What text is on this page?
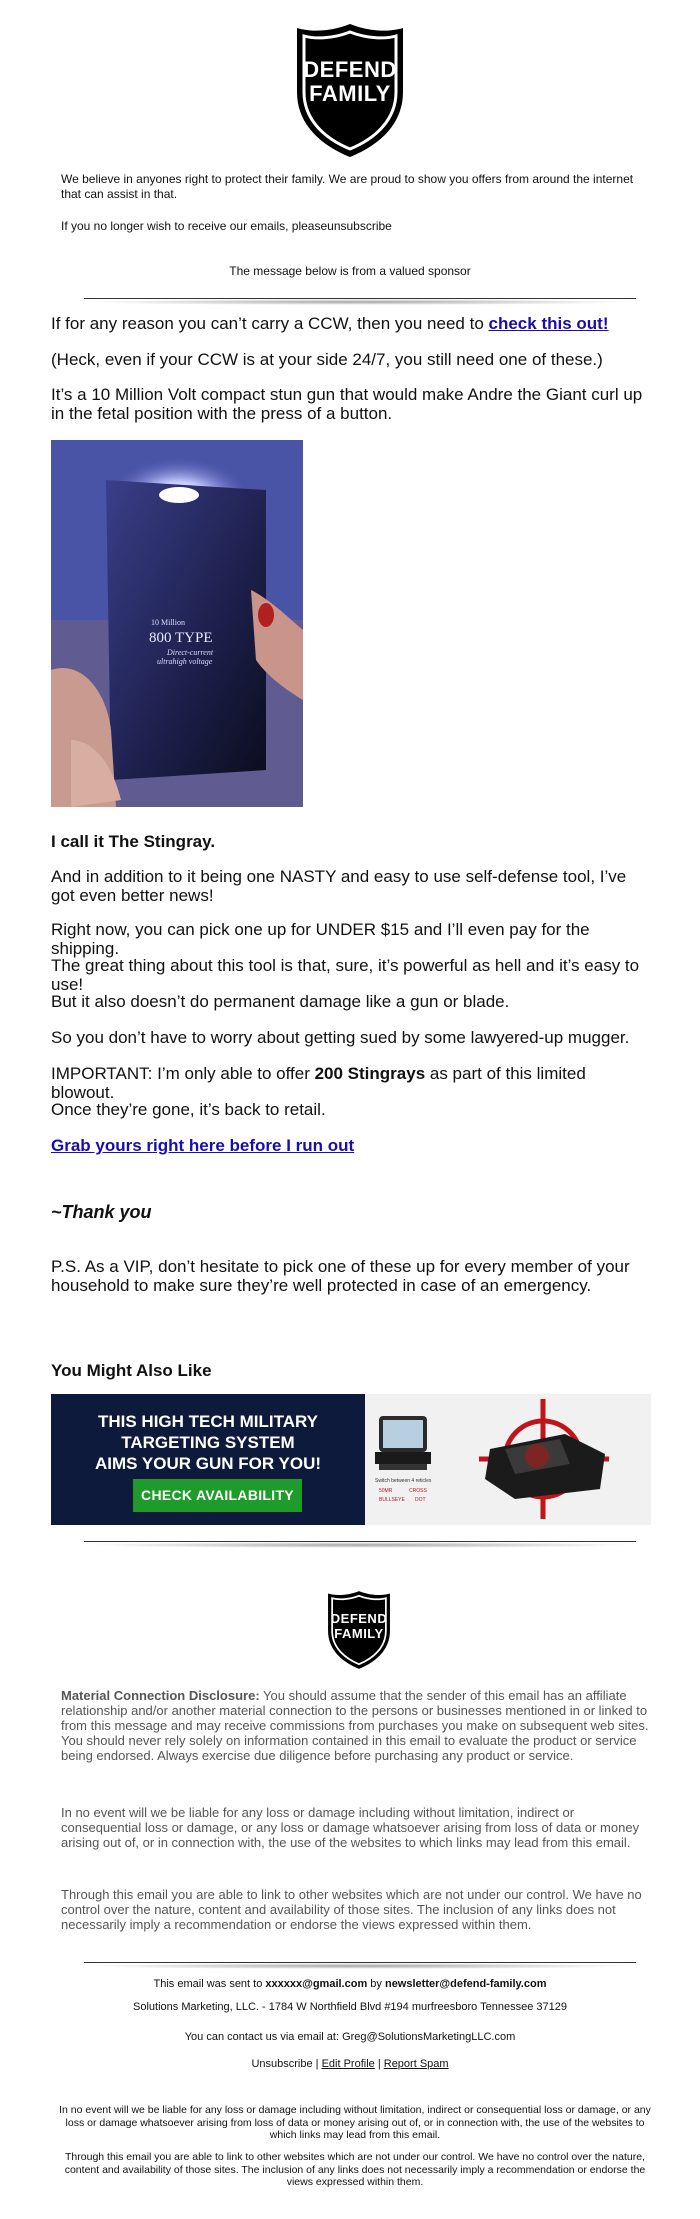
DEFEND
FAMILY
We believe in anyones right to protect their family. We are proud to show you offers from around the internet that can assist in that.
If you no longer wish to receive our emails, pleaseunsubscribe
The message below is from a valued sponsor
If for any reason you can’t carry a CCW, then you need to check this out!
(Heck, even if your CCW is at your side 24/7, you still need one of these.)
It’s a 10 Million Volt compact stun gun that would make Andre the Giant curl up in the fetal position with the press of a button.
10 Million
800 TYPE
Direct-current
ultrahigh voltage
I call it The Stingray.
And in addition to it being one NASTY and easy to use self-defense tool, I’ve got even better news!
Right now, you can pick one up for UNDER $15 and I’ll even pay for the shipping.
The great thing about this tool is that, sure, it’s powerful as hell and it’s easy to use!
But it also doesn’t do permanent damage like a gun or blade.
So you don’t have to worry about getting sued by some lawyered-up mugger.
IMPORTANT: I’m only able to offer 200 Stingrays as part of this limited blowout.
Once they’re gone, it’s back to retail.
Grab yours right here before I run out
~Thank you
P.S. As a VIP, don’t hesitate to pick one of these up for every member of your household to make sure they’re well protected in case of an emergency.
You Might Also Like
THIS HIGH TECH MILITARY
TARGETING SYSTEM
AIMS YOUR GUN FOR YOU!
CHECK AVAILABILITY
Switch between 4 reticles
50MR	CROSS
BULLSEYE DOT
DEFEND
FAMILY
Material Connection Disclosure: You should assume that the sender of this email has an affiliate relationship and/or another material connection to the persons or businesses mentioned in or linked to from this message and may receive commissions from purchases you make on subsequent web sites. You should never rely solely on information contained in this email to evaluate the product or service being endorsed. Always exercise due diligence before purchasing any product or service.
In no event will we be liable for any loss or damage including without limitation, indirect or consequential loss or damage, or any loss or damage whatsoever arising from loss of data or money arising out of, or in connection with, the use of the websites to which links may lead from this email.
Through this email you are able to link to other websites which are not under our control. We have no control over the nature, content and availability of those sites. The inclusion of any links does not necessarily imply a recommendation or endorse the views expressed within them.
This email was sent to xxxxxx@gmail.com by newsletter@defend-family.com
Solutions Marketing, LLC. - 1784 W Northfield Blvd #194 murfreesboro Tennessee 37129
You can contact us via email at: Greg@SolutionsMarketingLLC.com
Unsubscribe | Edit Profile | Report Spam
In no event will we be liable for any loss or damage including without limitation, indirect or consequential loss or damage, or any loss or damage whatsoever arising from loss of data or money arising out of, or in connection with, the use of the websites to which links may lead from this email.
Through this email you are able to link to other websites which are not under our control. We have no control over the nature, content and availability of those sites. The inclusion of any links does not necessarily imply a recommendation or endorse the views expressed within them.
